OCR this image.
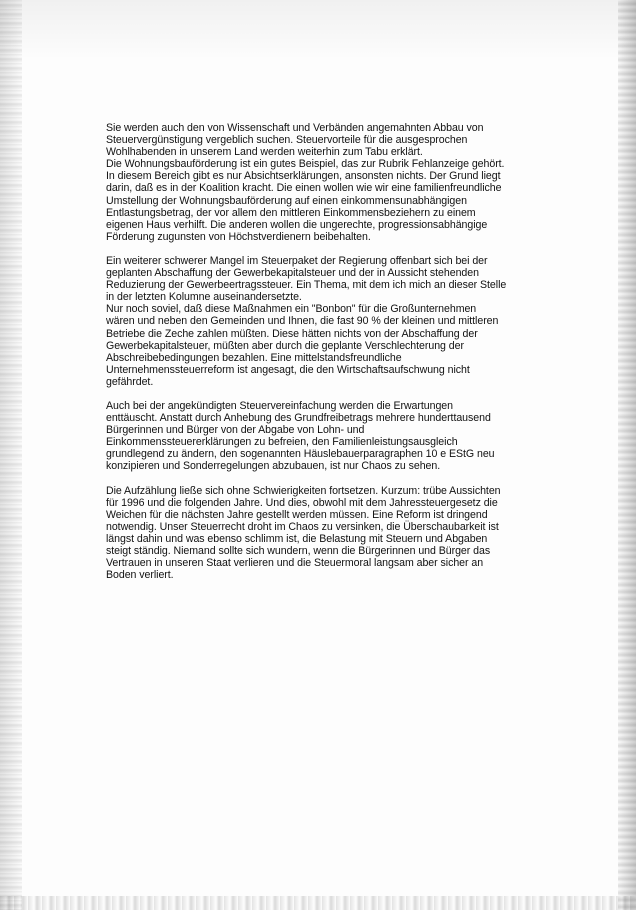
Sie werden auch den von Wissenschaft und Verbänden angemahnten Abbau von
Steuervergünstigung vergeblich suchen. Steuervorteile für die ausgesprochen
Wohlhabenden in unserem Land werden weiterhin zum Tabu erklärt.
Die Wohnungsbauförderung ist ein gutes Beispiel, das zur Rubrik Fehlanzeige gehört.
In diesem Bereich gibt es nur Absichtserklärungen, ansonsten nichts. Der Grund liegt
darin, daß es in der Koalition kracht. Die einen wollen wie wir eine familienfreundliche
Umstellung der Wohnungsbauförderung auf einen einkommensunabhängigen
Entlastungsbetrag, der vor allem den mittleren Einkommensbeziehern zu einem
eigenen Haus verhilft. Die anderen wollen die ungerechte, progressionsabhängige
Förderung zugunsten von Höchstverdienern beibehalten.
Ein weiterer schwerer Mangel im Steuerpaket der Regierung offenbart sich bei der
geplanten Abschaffung der Gewerbekapitalsteuer und der in Aussicht stehenden
Reduzierung der Gewerbeertragssteuer. Ein Thema, mit dem ich mich an dieser Stelle
in der letzten Kolumne auseinandersetzte.
Nur noch soviel, daß diese Maßnahmen ein "Bonbon" für die Großunternehmen
wären und neben den Gemeinden und Ihnen, die fast 90 % der kleinen und mittleren
Betriebe die Zeche zahlen müßten. Diese hätten nichts von der Abschaffung der
Gewerbekapitalsteuer, müßten aber durch die geplante Verschlechterung der
Abschreibebedingungen bezahlen. Eine mittelstandsfreundliche
Unternehmenssteuerreform ist angesagt, die den Wirtschaftsaufschwung nicht
gefährdet.
Auch bei der angekündigten Steuervereinfachung werden die Erwartungen
enttäuscht. Anstatt durch Anhebung des Grundfreibetrags mehrere hunderttausend
Bürgerinnen und Bürger von der Abgabe von Lohn- und
Einkommenssteuererklärungen zu befreien, den Familienleistungsausgleich
grundlegend zu ändern, den sogenannten Häuslebauerparagraphen 10 e EStG neu
konzipieren und Sonderregelungen abzubauen, ist nur Chaos zu sehen.
Die Aufzählung ließe sich ohne Schwierigkeiten fortsetzen. Kurzum: trübe Aussichten
für 1996 und die folgenden Jahre. Und dies, obwohl mit dem Jahressteuergesetz die
Weichen für die nächsten Jahre gestellt werden müssen. Eine Reform ist dringend
notwendig. Unser Steuerrecht droht im Chaos zu versinken, die Überschaubarkeit ist
längst dahin und was ebenso schlimm ist, die Belastung mit Steuern und Abgaben
steigt ständig. Niemand sollte sich wundern, wenn die Bürgerinnen und Bürger das
Vertrauen in unseren Staat verlieren und die Steuermoral langsam aber sicher an
Boden verliert.
